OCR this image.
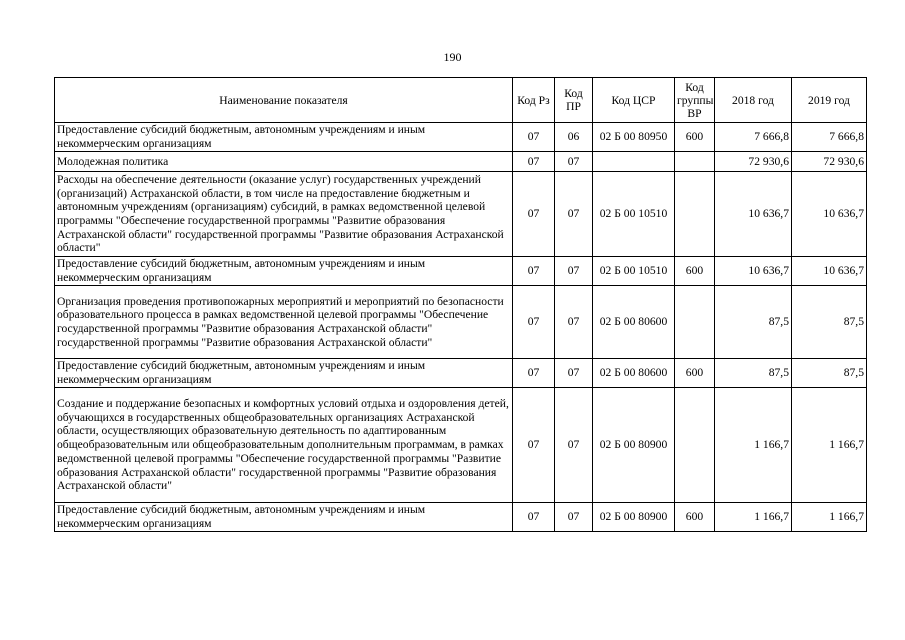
190
Наименование показателя	Код Рз	Код ПР	Код ЦСР	Код группы ВР	2018 год	2019 год
Предоставление субсидий бюджетным, автономным учреждениям и иным некоммерческим организациям	07	06	02 Б 00 80950	600	7 666,8	7 666,8
Молодежная политика	07	07			72 930,6	72 930,6
Расходы на обеспечение деятельности (оказание услуг) государственных учреждений (организаций) Астраханской области, в том числе на предоставление бюджетным и автономным учреждениям (организациям) субсидий, в рамках ведомственной целевой программы "Обеспечение государственной программы "Развитие образования Астраханской области" государственной программы "Развитие образования Астраханской области"	07	07	02 Б 00 10510		10 636,7	10 636,7
Предоставление субсидий бюджетным, автономным учреждениям и иным некоммерческим организациям	07	07	02 Б 00 10510	600	10 636,7	10 636,7
Организация проведения противопожарных мероприятий и мероприятий по безопасности образовательного процесса в рамках ведомственной целевой программы "Обеспечение государственной программы "Развитие образования Астраханской области" государственной программы "Развитие образования Астраханской области"	07	07	02 Б 00 80600		87,5	87,5
Предоставление субсидий бюджетным, автономным учреждениям и иным некоммерческим организациям	07	07	02 Б 00 80600	600	87,5	87,5
Создание и поддержание безопасных и комфортных условий отдыха и оздоровления детей, обучающихся в государственных общеобразовательных организациях Астраханской области, осуществляющих образовательную деятельность по адаптированным общеобразовательным или общеобразовательным дополнительным программам, в рамках ведомственной целевой программы "Обеспечение государственной программы "Развитие образования Астраханской области" государственной программы "Развитие образования Астраханской области"	07	07	02 Б 00 80900		1 166,7	1 166,7
Предоставление субсидий бюджетным, автономным учреждениям и иным некоммерческим организациям	07	07	02 Б 00 80900	600	1 166,7	1 166,7
